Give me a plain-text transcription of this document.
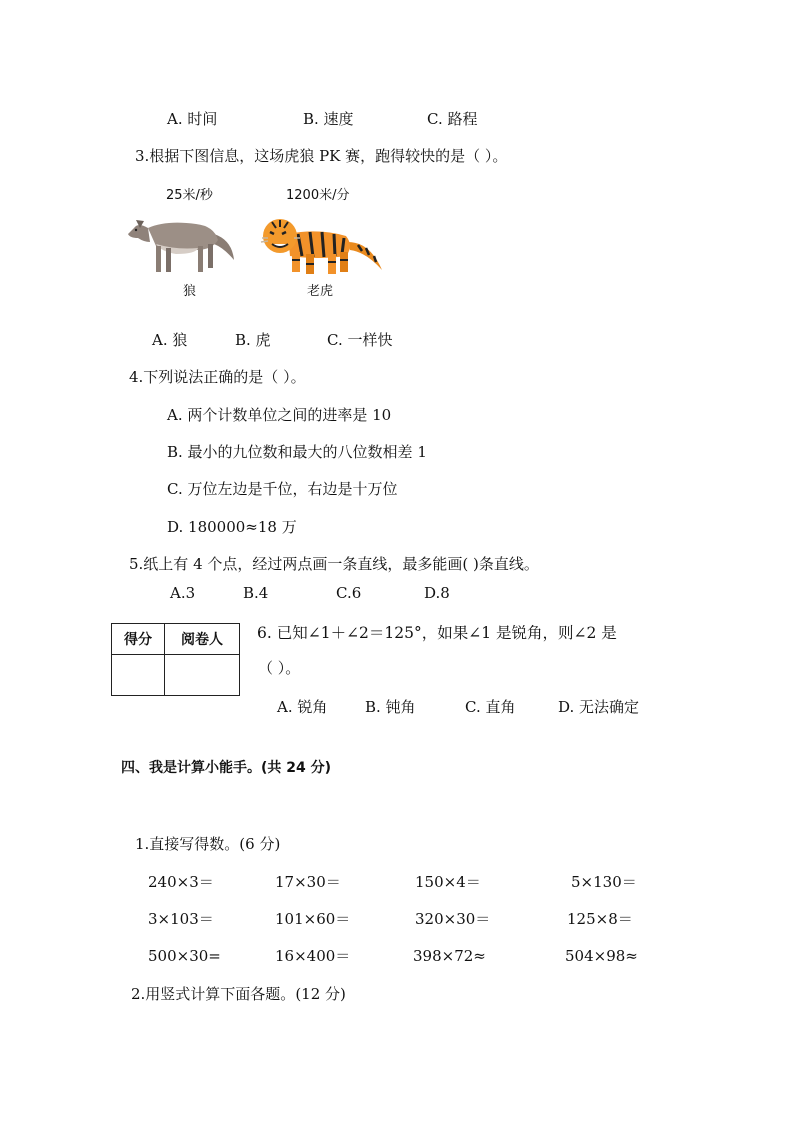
A. 时间	B. 速度	C. 路程
3.根据下图信息，这场虎狼 PK 赛，跑得较快的是（ ）。
25米/秒	1200米/分
狼	老虎
A. 狼	B. 虎	C. 一样快
4.下列说法正确的是（ ）。
A. 两个计数单位之间的进率是 10
B. 最小的九位数和最大的八位数相差 1
C. 万位左边是千位，右边是十万位
D. 180000≈18 万
5.纸上有 4 个点，经过两点画一条直线，最多能画( )条直线。
A.3	B.4	C.6	D.8
得分	阅卷人
	6. 已知∠1＋∠2＝125°，如果∠1 是锐角，则∠2 是
（ ）。
A. 锐角	B. 钝角	C. 直角	D. 无法确定
四、我是计算小能手。(共 24 分)
1.直接写得数。(6 分)
240×3＝	17×30＝	150×4＝	5×130＝
3×103＝	101×60＝	320×30＝	125×8＝
500×30=	16×400＝	398×72≈	504×98≈
2.用竖式计算下面各题。(12 分)
